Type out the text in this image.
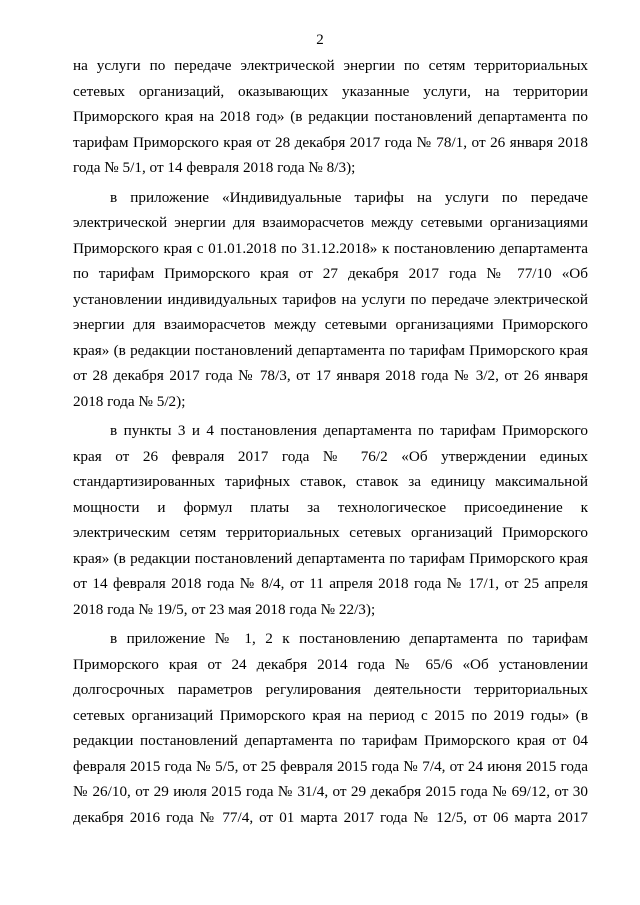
2

на услуги по передаче электрической энергии по сетям территориальных сетевых организаций, оказывающих указанные услуги, на территории Приморского края на 2018 год» (в редакции постановлений департамента по тарифам Приморского края от 28 декабря 2017 года № 78/1, от 26 января 2018 года № 5/1, от 14 февраля 2018 года № 8/3);

в приложение «Индивидуальные тарифы на услуги по передаче электрической энергии для взаиморасчетов между сетевыми организациями Приморского края с 01.01.2018 по 31.12.2018» к постановлению департамента по тарифам Приморского края от 27 декабря 2017 года № 77/10 «Об установлении индивидуальных тарифов на услуги по передаче электрической энергии для взаиморасчетов между сетевыми организациями Приморского края» (в редакции постановлений департамента по тарифам Приморского края от 28 декабря 2017 года № 78/3, от 17 января 2018 года № 3/2, от 26 января 2018 года № 5/2);

в пункты 3 и 4 постановления департамента по тарифам Приморского края от 26 февраля 2017 года № 76/2 «Об утверждении единых стандартизированных тарифных ставок, ставок за единицу максимальной мощности и формул платы за технологическое присоединение к электрическим сетям территориальных сетевых организаций Приморского края» (в редакции постановлений департамента по тарифам Приморского края от 14 февраля 2018 года № 8/4, от 11 апреля 2018 года № 17/1, от 25 апреля 2018 года № 19/5, от 23 мая 2018 года № 22/3);

в приложение № 1, 2 к постановлению департамента по тарифам Приморского края от 24 декабря 2014 года № 65/6 «Об установлении долгосрочных параметров регулирования деятельности территориальных сетевых организаций Приморского края на период с 2015 по 2019 годы» (в редакции постановлений департамента по тарифам Приморского края от 04 февраля 2015 года № 5/5, от 25 февраля 2015 года № 7/4, от 24 июня 2015 года № 26/10, от 29 июля 2015 года № 31/4, от 29 декабря 2015 года № 69/12, от 30 декабря 2016 года № 77/4, от 01 марта 2017 года № 12/5, от 06 марта 2017
